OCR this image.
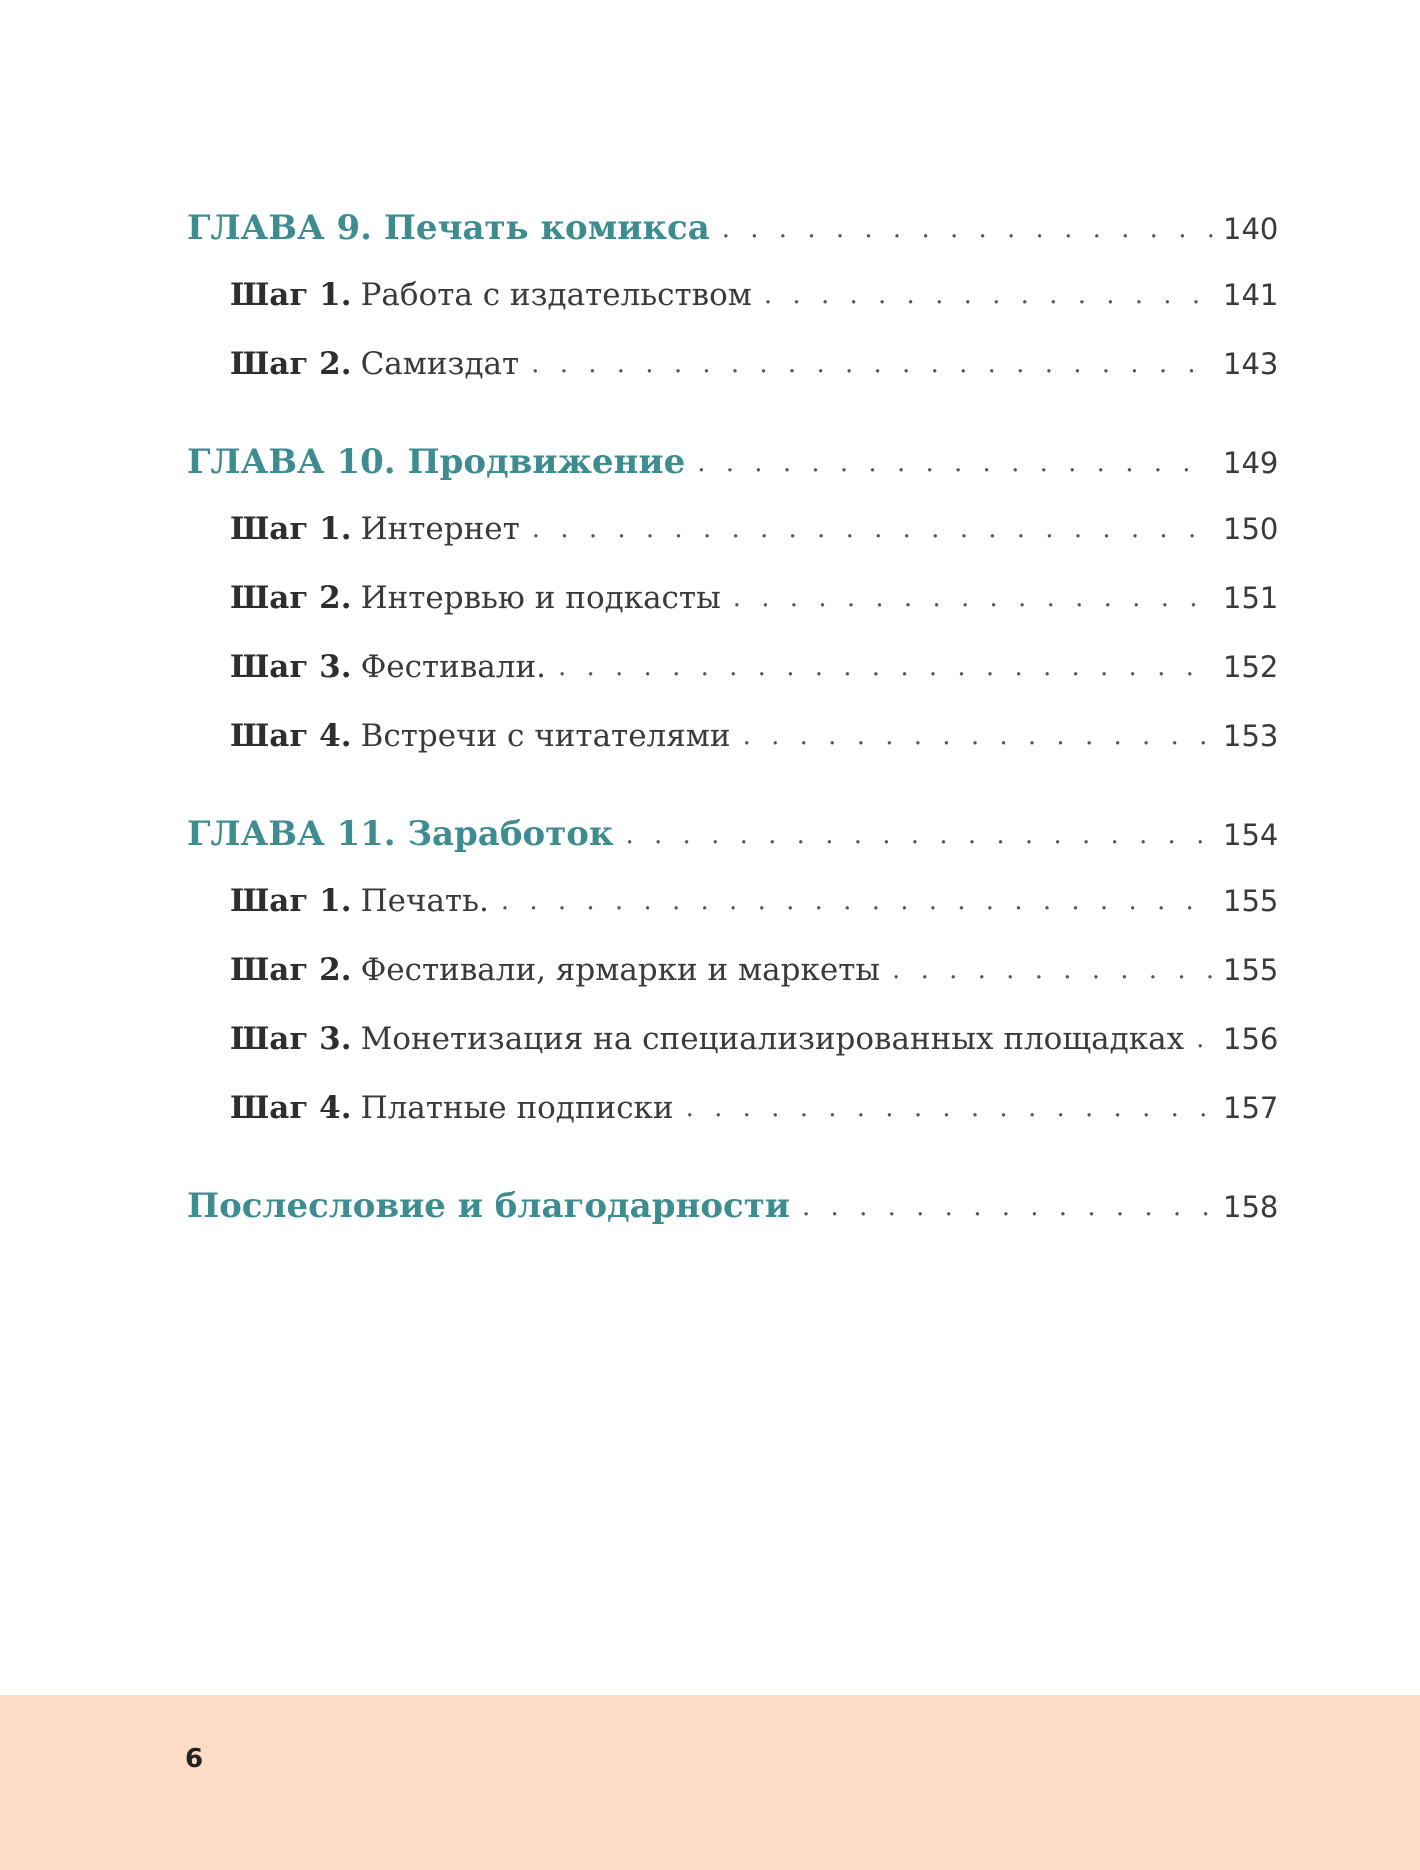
ГЛАВА 9. Печать комикса . . .	140
Шаг 1. Работа с издательством . . .	141
Шаг 2. Самиздат . . .	143
ГЛАВА 10. Продвижение . . .	149
Шаг 1. Интернет . . .	150
Шаг 2. Интервью и подкасты . . .	151
Шаг 3. Фестивали. . . .	152
Шаг 4. Встречи с читателями . . .	153
ГЛАВА 11. Заработок . . .	154
Шаг 1. Печать. . . .	155
Шаг 2. Фестивали, ярмарки и маркеты . . .	155
Шаг 3. Монетизация на специализированных площадках . . . 156
Шаг 4. Платные подписки . . .	157
Послесловие и благодарности . . .	158
6
